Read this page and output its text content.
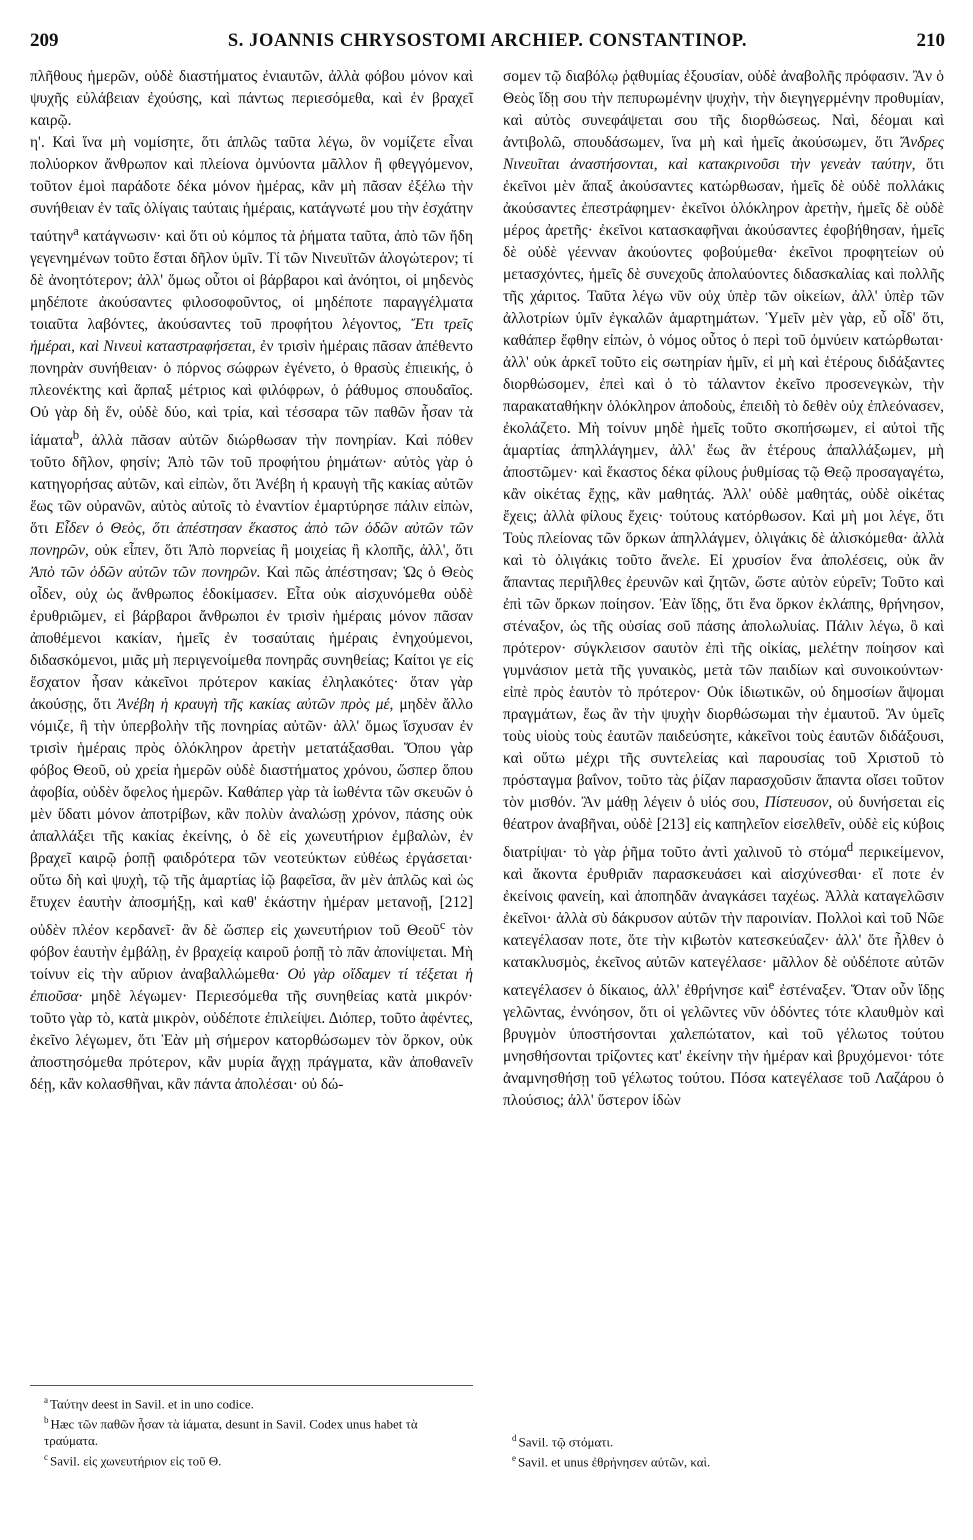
209	S. JOANNIS CHRYSOSTOMI ARCHIEP. CONSTANTINOP.	210

πλῆθους ἡμερῶν, οὐδὲ διαστήματος ἐνιαυτῶν, ἀλλὰ φόβου μόνον καὶ ψυχῆς εὐλάβειαν ἐχούσης, καὶ πάντως περιεσόμεθα, καὶ ἐν βραχεῖ καιρῷ.

η'. Καὶ ἵνα μὴ νομίσητε, ὅτι ἁπλῶς ταῦτα λέγω, ὃν νομίζετε εἶναι πολύορκον ἄνθρωπον καὶ πλείονα ὀμνύοντα μᾶλλον ἢ φθεγγόμενον, τοῦτον ἐμοὶ παράδοτε δέκα μόνον ἡμέρας, κἂν μὴ πᾶσαν ἐξέλω τὴν συνήθειαν ἐν ταῖς ὀλίγαις ταύταις ἡμέραις, κατάγνωτέ μου τὴν ἐσχάτην ταύτην$^a$ κατάγνωσιν· καὶ ὅτι οὐ κόμπος τὰ ῥήματα ταῦτα, ἀπὸ τῶν ἤδη γεγενημένων τοῦτο ἔσται δῆλον ὑμῖν. Τί τῶν Νινευϊτῶν ἀλογώτερον; τί δὲ ἀνοητότερον; ἀλλ' ὅμως οὗτοι οἱ βάρβαροι καὶ ἀνόητοι, οἱ μηδενὸς μηδέποτε ἀκούσαντες φιλοσοφοῦντος, οἱ μηδέποτε παραγγέλματα τοιαῦτα λαβόντες, ἀκούσαντες τοῦ προφήτου λέγοντος, Ἔτι τρεῖς ἡμέραι, καὶ Νινευὶ καταστραφήσεται, ἐν τρισὶν ἡμέραις πᾶσαν ἀπέθεντο πονηρὰν συνήθειαν· ὁ πόρνος σώφρων ἐγένετο, ὁ θρασὺς ἐπιεικής, ὁ πλεονέκτης καὶ ἅρπαξ μέτριος καὶ φιλόφρων, ὁ ῥάθυμος σπουδαῖος. Οὐ γὰρ δὴ ἕν, οὐδὲ δύο, καὶ τρία, καὶ τέσσαρα τῶν παθῶν ἦσαν τὰ ἰάματα$^b$, ἀλλὰ πᾶσαν αὐτῶν διώρθωσαν τὴν πονηρίαν. Καὶ πόθεν τοῦτο δῆλον, φησίν; Ἀπὸ τῶν τοῦ προφήτου ῥημάτων· αὐτὸς γὰρ ὁ κατηγορήσας αὐτῶν, καὶ εἰπὼν, ὅτι Ἀνέβη ἡ κραυγὴ τῆς κακίας αὐτῶν ἕως τῶν οὐρανῶν, αὐτὸς αὐτοῖς τὸ ἐναντίον ἐμαρτύρησε πάλιν εἰπὼν, ὅτι Εἶδεν ὁ Θεὸς, ὅτι ἀπέστησαν ἕκαστος ἀπὸ τῶν ὁδῶν αὐτῶν τῶν πονηρῶν, οὐκ εἶπεν, ὅτι Ἀπὸ πορνείας ἢ μοιχείας ἢ κλοπῆς, ἀλλ', ὅτι Ἀπὸ τῶν ὁδῶν αὐτῶν τῶν πονηρῶν. Καὶ πῶς ἀπέστησαν; Ὡς ὁ Θεὸς οἶδεν, οὐχ ὡς ἄνθρωπος ἐδοκίμασεν. Εἶτα οὐκ αἰσχυνόμεθα οὐδὲ ἐρυθριῶμεν, εἰ βάρβαροι ἄνθρωποι ἐν τρισὶν ἡμέραις μόνον πᾶσαν ἀποθέμενοι κακίαν, ἡμεῖς ἐν τοσαύταις ἡμέραις ἐνηχούμενοι, διδασκόμενοι, μιᾶς μὴ περιγενοίμεθα πονηρᾶς συνηθείας; Καίτοι γε εἰς ἔσχατον ἦσαν κἀκεῖνοι πρότερον κακίας ἐληλακότες· ὅταν γὰρ ἀκούσῃς, ὅτι Ἀνέβη ἡ κραυγὴ τῆς κακίας αὐτῶν πρὸς μέ, μηδὲν ἄλλο νόμιζε, ἢ τὴν ὑπερβολὴν τῆς πονηρίας αὐτῶν· ἀλλ' ὅμως ἴσχυσαν ἐν τρισὶν ἡμέραις πρὸς ὁλόκληρον ἀρετὴν μετατάξασθαι. Ὅπου γὰρ φόβος Θεοῦ, οὐ χρεία ἡμερῶν οὐδὲ διαστήματος χρόνου, ὥσπερ ὅπου ἀφοβία, οὐδὲν ὄφελος ἡμερῶν. Καθάπερ γὰρ τὰ ἰωθέντα τῶν σκευῶν ὁ μὲν ὕδατι μόνον ἀποτρίβων, κἂν πολὺν ἀναλώσῃ χρόνον, πάσης οὐκ ἀπαλλάξει τῆς κακίας ἐκείνης, ὁ δὲ εἰς χωνευτήριον ἐμβαλὼν, ἐν βραχεῖ καιρῷ ῥοπῇ φαιδρότερα τῶν νεοτεύκτων εὐθέως ἐργάσεται· οὕτω δὴ καὶ ψυχὴ, τῷ τῆς ἁμαρτίας ἰῷ βαφεῖσα, ἂν μὲν ἁπλῶς καὶ ὡς ἔτυχεν ἑαυτὴν ἀποσμήξῃ, καὶ καθ' ἑκάστην ἡμέραν μετανοῇ, [212] οὐδὲν πλέον κερδανεῖ· ἂν δὲ ὥσπερ εἰς χωνευτήριον τοῦ Θεοῦ$^c$ τὸν φόβον ἑαυτὴν ἐμβάλῃ, ἐν βραχείᾳ καιροῦ ῥοπῇ τὸ πᾶν ἀπονίψεται. Μὴ τοίνυν εἰς τὴν αὔριον ἀναβαλλώμεθα· Οὐ γὰρ οἴδαμεν τί τέξεται ἡ ἐπιοῦσα· μηδὲ λέγωμεν· Περιεσόμεθα τῆς συνηθείας κατὰ μικρόν· τοῦτο γὰρ τὸ, κατὰ μικρὸν, οὐδέποτε ἐπιλείψει. Διόπερ, τοῦτο ἀφέντες, ἐκεῖνο λέγωμεν, ὅτι Ἐὰν μὴ σήμερον κατορθώσωμεν τὸν ὅρκον, οὐκ ἀποστησόμεθα πρότερον, κἂν μυρία ἄγχῃ πράγματα, κἂν ἀποθανεῖν δέῃ, κἂν κολασθῆναι, κἂν πάντα ἀπολέσαι· οὐ δώ-

σομεν τῷ διαβόλῳ ῥᾳθυμίας ἐξουσίαν, οὐδὲ ἀναβολῆς πρόφασιν. Ἂν ὁ Θεὸς ἴδῃ σου τὴν πεπυρωμένην ψυχὴν, τὴν διεγηγερμένην προθυμίαν, καὶ αὐτὸς συνεφάψεται σου τῆς διορθώσεως. Ναὶ, δέομαι καὶ ἀντιβολῶ, σπουδάσωμεν, ἵνα μὴ καὶ ἡμεῖς ἀκούσωμεν, ὅτι Ἄνδρες Νινευῖται ἀναστήσονται, καὶ κατακρινοῦσι τὴν γενεὰν ταύτην, ὅτι ἐκεῖνοι μὲν ἅπαξ ἀκούσαντες κατώρθωσαν, ἡμεῖς δὲ οὐδὲ πολλάκις ἀκούσαντες ἐπεστράφημεν· ἐκεῖνοι ὁλόκληρον ἀρετὴν, ἡμεῖς δὲ οὐδὲ μέρος ἀρετῆς· ἐκεῖνοι κατασκαφῆναι ἀκούσαντες ἐφοβήθησαν, ἡμεῖς δὲ οὐδὲ γέενναν ἀκούοντες φοβούμεθα· ἐκεῖνοι προφητείων οὐ μετασχόντες, ἡμεῖς δὲ συνεχοῦς ἀπολαύοντες διδασκαλίας καὶ πολλῆς τῆς χάριτος. Ταῦτα λέγω νῦν οὐχ ὑπὲρ τῶν οἰκείων, ἀλλ' ὑπὲρ τῶν ἀλλοτρίων ὑμῖν ἐγκαλῶν ἁμαρτημάτων. Ὑμεῖν μὲν γὰρ, εὖ οἶδ' ὅτι, καθάπερ ἔφθην εἰπὼν, ὁ νόμος οὗτος ὁ περὶ τοῦ ὀμνύειν κατώρθωται· ἀλλ' οὐκ ἀρκεῖ τοῦτο εἰς σωτηρίαν ἡμῖν, εἰ μὴ καὶ ἑτέρους διδάξαντες διορθώσομεν, ἐπεὶ καὶ ὁ τὸ τάλαντον ἐκεῖνο προσενεγκὼν, τὴν παρακαταθήκην ὁλόκληρον ἀποδοὺς, ἐπειδὴ τὸ δεθὲν οὐχ ἐπλεόνασεν, ἐκολάζετο. Μὴ τοίνυν μηδὲ ἡμεῖς τοῦτο σκοπήσωμεν, εἰ αὐτοὶ τῆς ἁμαρτίας ἀπηλλάγημεν, ἀλλ' ἕως ἂν ἑτέρους ἀπαλλάξωμεν, μὴ ἀποστῶμεν· καὶ ἕκαστος δέκα φίλους ῥυθμίσας τῷ Θεῷ προσαγαγέτω, κἂν οἰκέτας ἔχῃς, κἂν μαθητάς. Ἀλλ' οὐδὲ μαθητάς, οὐδὲ οἰκέτας ἔχεις; ἀλλὰ φίλους ἔχεις· τούτους κατόρθωσον. Καὶ μὴ μοι λέγε, ὅτι Τοὺς πλείονας τῶν ὅρκων ἀπηλλάγμεν, ὀλιγάκις δὲ ἁλισκόμεθα· ἀλλὰ καὶ τὸ ὀλιγάκις τοῦτο ἄνελε. Εἰ χρυσίον ἕνα ἀπολέσεις, οὐκ ἂν ἅπαντας περιῆλθες ἐρευνῶν καὶ ζητῶν, ὥστε αὐτὸν εὑρεῖν; Τοῦτο καὶ ἐπὶ τῶν ὅρκων ποίησον. Ἐὰν ἴδῃς, ὅτι ἕνα ὅρκον ἐκλάπης, θρήνησον, στέναξον, ὡς τῆς οὐσίας σοῦ πάσης ἀπολωλυίας. Πάλιν λέγω, ὃ καὶ πρότερον· σύγκλεισον σαυτὸν ἐπὶ τῆς οἰκίας, μελέτην ποίησον καὶ γυμνάσιον μετὰ τῆς γυναικὸς, μετὰ τῶν παιδίων καὶ συνοικούντων· εἰπὲ πρὸς ἑαυτὸν τὸ πρότερον· Οὐκ ἰδιωτικῶν, οὐ δημοσίων ἅψομαι πραγμάτων, ἕως ἂν τὴν ψυχὴν διορθώσωμαι τὴν ἐμαυτοῦ. Ἂν ὑμεῖς τοὺς υἱοὺς τοὺς ἑαυτῶν παιδεύσητε, κἀκεῖνοι τοὺς ἑαυτῶν διδάξουσι, καὶ οὕτω μέχρι τῆς συντελείας καὶ παρουσίας τοῦ Χριστοῦ τὸ πρόσταγμα βαΐνον, τοῦτο τὰς ῥίζαν παρασχοῦσιν ἅπαντα οἴσει τοῦτον τὸν μισθόν. Ἂν μάθῃ λέγειν ὁ υἱός σου, Πίστευσον, οὐ δυνήσεται εἰς θέατρον ἀναβῆναι, οὐδὲ [213] εἰς καπηλεῖον εἰσελθεῖν, οὐδὲ εἰς κύβοις διατρίψαι· τὸ γὰρ ῥῆμα τοῦτο ἀντὶ χαλινοῦ τὸ στόμα$^d$ περικείμενον, καὶ ἄκοντα ἐρυθριᾶν παρασκευάσει καὶ αἰσχύνεσθαι· εἴ ποτε ἐν ἐκείνοις φανείη, καὶ ἀποπηδᾶν ἀναγκάσει ταχέως. Ἀλλὰ καταγελῶσιν ἐκεῖνοι· ἀλλὰ σὺ δάκρυσον αὐτῶν τὴν παροινίαν. Πολλοὶ καὶ τοῦ Νῶε κατεγέλασαν ποτε, ὅτε τὴν κιβωτὸν κατεσκεύαζεν· ἀλλ' ὅτε ἦλθεν ὁ κατακλυσμὸς, ἐκεῖνος αὐτῶν κατεγέλασε· μᾶλλον δὲ οὐδέποτε αὐτῶν κατεγέλασεν ὁ δίκαιος, ἀλλ' ἐθρήνησε καὶ$^e$ ἐστέναξεν. Ὅταν οὖν ἴδῃς γελῶντας, ἐννόησον, ὅτι οἱ γελῶντες νῦν ὀδόντες τότε κλαυθμὸν καὶ βρυγμὸν ὑποστήσονται χαλεπώτατον, καὶ τοῦ γέλωτος τούτου μνησθήσονται τρίζοντες κατ' ἐκείνην τὴν ἡμέραν καὶ βρυχόμενοι· τότε ἀναμνησθήσῃ τοῦ γέλωτος τούτου. Πόσα κατεγέλασε τοῦ Λαζάρου ὁ πλούσιος; ἀλλ' ὕστερον ἰδὼν

$^a$ Ταύτην deest in Savil. et in uno codice.

$^b$ Hæc τῶν παθῶν ἦσαν τὰ ἰάματα, desunt in Savil. Codex unus habet τὰ τραύματα.

$^c$ Savil. εἰς χωνευτήριον εἰς τοῦ Θ.

$^d$ Savil. τῷ στόματι.

$^e$ Savil. et unus ἐθρήνησεν αὐτῶν, καὶ.
